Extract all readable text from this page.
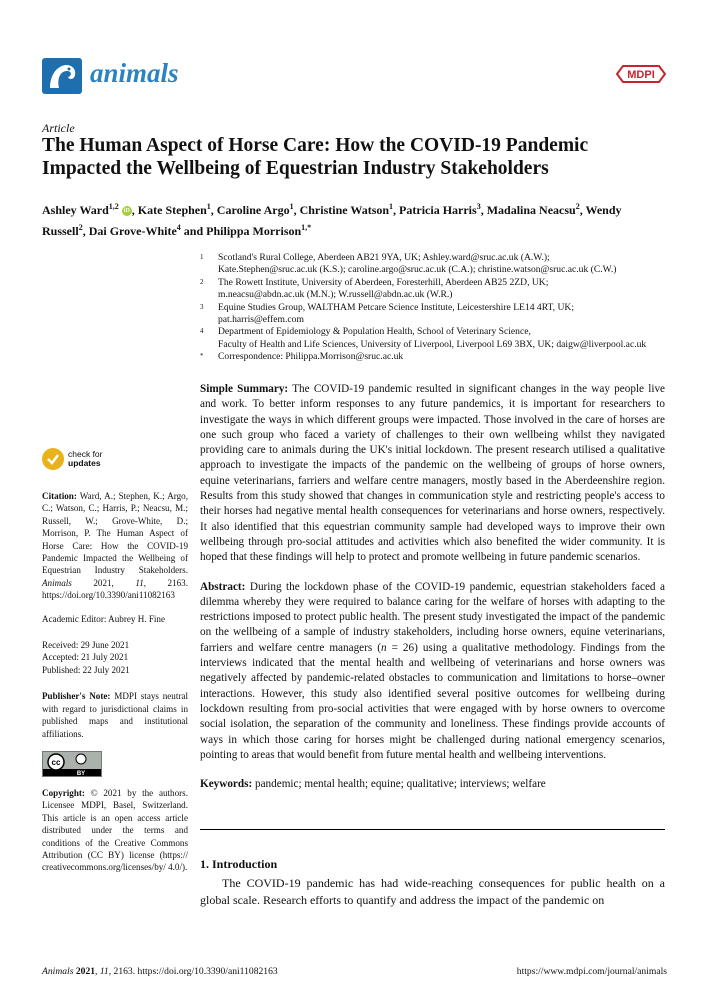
animals	MDPI
Article
The Human Aspect of Horse Care: How the COVID-19 Pandemic Impacted the Wellbeing of Equestrian Industry Stakeholders
Ashley Ward$^{1,2}$ iD , Kate Stephen$^1$, Caroline Argo$^1$, Christine Watson$^1$, Patricia Harris$^3$, Madalina Neacsu$^2$, Wendy Russell$^2$, Dai Grove-White$^4$ and Philippa Morrison$^{1,*}$
1 Scotland's Rural College, Aberdeen AB21 9YA, UK; Ashley.ward@sruc.ac.uk (A.W.);
Kate.Stephen@sruc.ac.uk (K.S.); caroline.argo@sruc.ac.uk (C.A.); christine.watson@sruc.ac.uk (C.W.)
2 The Rowett Institute, University of Aberdeen, Foresterhill, Aberdeen AB25 2ZD, UK;
m.neacsu@abdn.ac.uk (M.N.); W.russell@abdn.ac.uk (W.R.)
3 Equine Studies Group, WALTHAM Petcare Science Institute, Leicestershire LE14 4RT, UK;
pat.harris@effem.com
4 Department of Epidemiology & Population Health, School of Veterinary Science,
Faculty of Health and Life Sciences, University of Liverpool, Liverpool L69 3BX, UK; daigw@liverpool.ac.uk
* Correspondence: Philippa.Morrison@sruc.ac.uk
check for
updates

Citation: Ward, A.; Stephen, K.; Argo, C.; Watson, C.; Harris, P.; Neacsu, M.; Russell, W.; Grove-White, D.; Morrison, P. The Human Aspect of Horse Care: How the COVID-19 Pandemic Impacted the Wellbeing of Equestrian Industry Stakeholders. Animals 2021, 11, 2163. https://doi.org/10.3390/ani11082163

Academic Editor: Aubrey H. Fine

Received: 29 June 2021
Accepted: 21 July 2021
Published: 22 July 2021

Publisher's Note: MDPI stays neutral with regard to jurisdictional claims in published maps and institutional affiliations.

cc
BY

Copyright: © 2021 by the authors. Licensee MDPI, Basel, Switzerland. This article is an open access article distributed under the terms and conditions of the Creative Commons Attribution (CC BY) license (https:// creativecommons.org/licenses/by/ 4.0/).

Simple Summary: The COVID-19 pandemic resulted in significant changes in the way people live and work. To better inform responses to any future pandemics, it is important for researchers to investigate the ways in which different groups were impacted. Those involved in the care of horses are one such group who faced a variety of challenges to their own wellbeing whilst they navigated providing care to animals during the UK's initial lockdown. The present research utilised a qualitative approach to investigate the impacts of the pandemic on the wellbeing of groups of horse owners, equine veterinarians, farriers and welfare centre managers, mostly based in the Aberdeenshire region. Results from this study showed that changes in communication style and restricting people's access to their horses had negative mental health consequences for veterinarians and horse owners, respectively. It also identified that this equestrian community sample had developed ways to improve their own wellbeing through pro-social attitudes and activities which also benefited the wider community. It is hoped that these findings will help to protect and promote wellbeing in future pandemic scenarios.

Abstract: During the lockdown phase of the COVID-19 pandemic, equestrian stakeholders faced a dilemma whereby they were required to balance caring for the welfare of horses with adapting to the restrictions imposed to protect public health. The present study investigated the impact of the pandemic on the wellbeing of a sample of industry stakeholders, including horse owners, equine veterinarians, farriers and welfare centre managers (n = 26) using a qualitative methodology. Findings from the interviews indicated that the mental health and wellbeing of veterinarians and horse owners was negatively affected by pandemic-related obstacles to communication and limitations to horse–owner interactions. However, this study also identified several positive outcomes for wellbeing during lockdown resulting from pro-social activities that were engaged with by horse owners to overcome social isolation, the separation of the community and loneliness. These findings provide accounts of ways in which those caring for horses might be challenged during national emergency scenarios, pointing to areas that would benefit from future mental health and wellbeing interventions.

Keywords: pandemic; mental health; equine; qualitative; interviews; welfare

1. Introduction
The COVID-19 pandemic has had wide-reaching consequences for public health on a global scale. Research efforts to quantify and address the impact of the pandemic on
Animals 2021, 11, 2163. https://doi.org/10.3390/ani11082163	https://www.mdpi.com/journal/animals
